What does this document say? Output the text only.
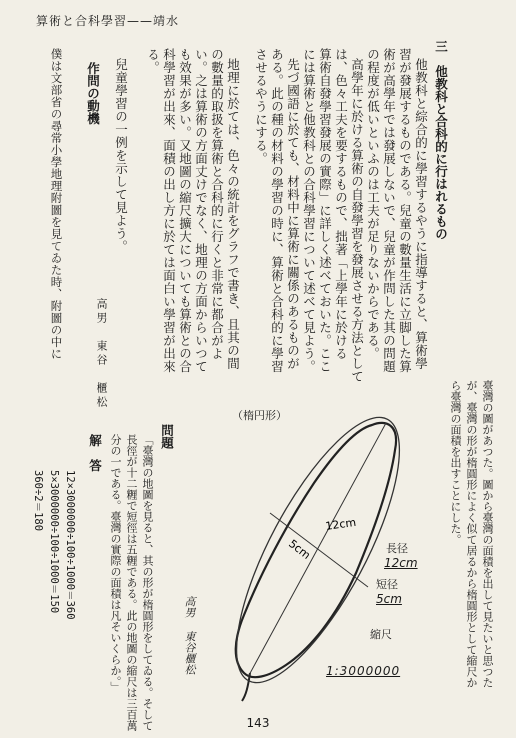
算術と合科學習——靖水
三　他教科と合科的に行はれるもの
他教科と綜合的に學習するやうに指導すると、算術學
習が發展するものである。兒童の數量生活に立脚した算
術が高學年では發展しないで、兒童が作問した其の問題
の程度が低いといふのは工夫が足りないからである。
高學年に於ける算術の自發學習を發展させる方法として
は、色々工夫を要するもので、拙著「上學年に於ける
算術自發學習發展の實際」に詳しく述べておいた。ここ
には算術と他教科との合科學習について述べて見よう。
先づ國語に於ても、材料中に算術に關係のあるものが
ある。此の種の材料の學習の時に、算術と合科的に學習
させるやうにする。
地理に於ては、色々の統計をグラフで書き、且其の間
の數量的取扱を算術と合科的に行くと非常に都合がよ
い。之は算術の方面丈けでなく、地理の方面からいつて
も效果が多い。又地圖の縮尺擴大についても算術との合
科學習が出來、面積の出し方に於ては面白い學習が出來
る。
兒童學習の一例を示して見よう。
作問の動機
高男　東谷　櫃松
僕は文部省の尋常小學地理附圖を見てゐた時、附圖の中に
臺灣の圖があつた。圖から臺灣の面積を出して見たいと思つた
が、臺灣の形が楕圓形によく似て居るから楕圓形として縮尺か
ら臺灣の面積を出すことにした。
問題
「臺灣の地圖を見ると、其の形が楕圓形をしてゐる。そして
長徑が十二糎で短徑は五糎である。此の地圖の縮尺は三百萬
分の一である。臺灣の實際の面積は凡そいくらか。」
解　答
12×3000000÷100÷1000＝360
5×3000000÷100÷1000＝150
360÷2＝180	12cm
5cm
（楕円形）
長径
12cm
短径
5cm
縮尺
1:3000000
高男 東谷櫃松
143
